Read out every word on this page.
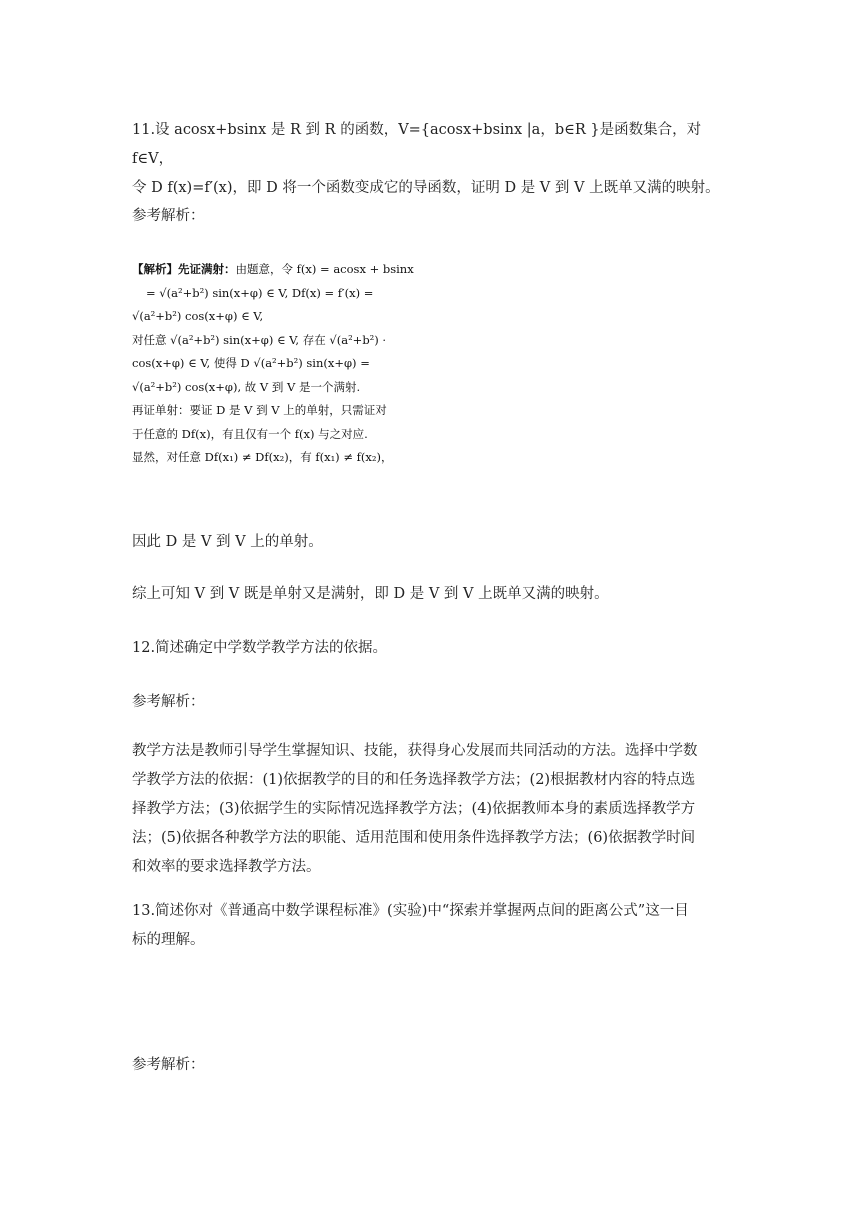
11.设 acosx+bsinx 是 R 到 R 的函数，V={acosx+bsinx |a，b∈R }是函数集合，对f∈V，
令 D f(x)=f′(x)，即 D 将一个函数变成它的导函数，证明 D 是 V 到 V 上既单又满的映射。

参考解析：

【解析】先证满射：由题意，令 f(x) = acosx + bsinx
= √(a²+b²) sin(x+φ) ∈ V, Df(x) = f′(x) =
√(a²+b²) cos(x+φ) ∈ V,
对任意 √(a²+b²) sin(x+φ) ∈ V, 存在 √(a²+b²) ·
cos(x+φ) ∈ V, 使得 D √(a²+b²) sin(x+φ) =
√(a²+b²) cos(x+φ), 故 V 到 V 是一个满射.
再证单射：要证 D 是 V 到 V 上的单射，只需证对
于任意的 Df(x)，有且仅有一个 f(x) 与之对应.
显然，对任意 Df(x₁) ≠ Df(x₂)，有 f(x₁) ≠ f(x₂)，

因此 D 是 V 到 V 上的单射。

综上可知 V 到 V 既是单射又是满射，即 D 是 V 到 V 上既单又满的映射。

12.简述确定中学数学教学方法的依据。

参考解析：

教学方法是教师引导学生掌握知识、技能，获得身心发展而共同活动的方法。选择中学数
学教学方法的依据：(1)依据教学的目的和任务选择教学方法；(2)根据教材内容的特点选
择教学方法；(3)依据学生的实际情况选择教学方法；(4)依据教师本身的素质选择教学方
法；(5)依据各种教学方法的职能、适用范围和使用条件选择教学方法；(6)依据教学时间
和效率的要求选择教学方法。

13.简述你对《普通高中数学课程标准》(实验)中“探索并掌握两点间的距离公式”这一目
标的理解。

参考解析：
